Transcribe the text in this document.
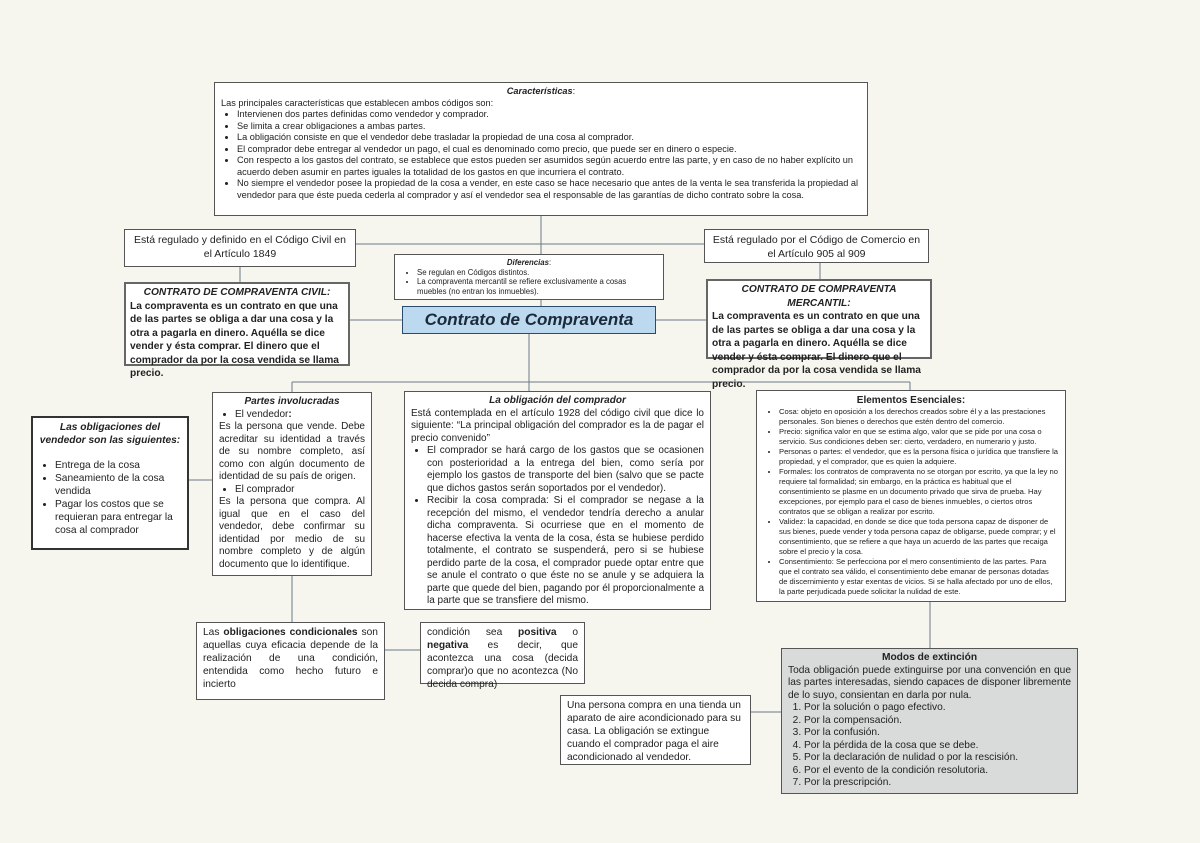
Características:
Las principales características que establecen ambos códigos son:
• Intervienen dos partes definidas como vendedor y comprador.
• Se limita a crear obligaciones a ambas partes.
• La obligación consiste en que el vendedor debe trasladar la propiedad de una cosa al comprador.
• El comprador debe entregar al vendedor un pago, el cual es denominado como precio, que puede ser en dinero o especie.
• Con respecto a los gastos del contrato, se establece que estos pueden ser asumidos según acuerdo entre las parte, y en caso de no haber explícito un acuerdo deben asumir en partes iguales la totalidad de los gastos en que incurriera el contrato.
• No siempre el vendedor posee la propiedad de la cosa a vender, en este caso se hace necesario que antes de la venta le sea transferida la propiedad al vendedor para que éste pueda cederla al comprador y así el vendedor sea el responsable de las garantías de dicho contrato sobre la cosa.
Está regulado y definido en el Código Civil en el Artículo 1849
Está regulado por el Código de Comercio en el Artículo 905 al 909
Diferencias:
• Se regulan en Códigos distintos.
• La compraventa mercantil se refiere exclusivamente a cosas muebles (no entran los inmuebles).
CONTRATO DE COMPRAVENTA CIVIL:
La compraventa es un contrato en que una de las partes se obliga a dar una cosa y la otra a pagarla en dinero. Aquélla se dice vender y ésta comprar. El dinero que el comprador da por la cosa vendida se llama precio.
CONTRATO DE COMPRAVENTA MERCANTIL:
La compraventa es un contrato en que una de las partes se obliga a dar una cosa y la otra a pagarla en dinero. Aquélla se dice vender y ésta comprar. El dinero que el comprador da por la cosa vendida se llama precio.
Contrato de Compraventa
Las obligaciones del vendedor son las siguientes:
• Entrega de la cosa
• Saneamiento de la cosa vendida
• Pagar los costos que se requieran para entregar la cosa al comprador
Partes involucradas
• El vendedor:
Es la persona que vende. Debe acreditar su identidad a través de su nombre completo, así como con algún documento de identidad de su país de origen.
• El comprador
Es la persona que compra. Al igual que en el caso del vendedor, debe confirmar su identidad por medio de su nombre completo y de algún documento que lo identifique.
La obligación del comprador
Está contemplada en el artículo 1928 del código civil que dice lo siguiente: “La principal obligación del comprador es la de pagar el precio convenido”
• El comprador se hará cargo de los gastos que se ocasionen con posterioridad a la entrega del bien, como sería por ejemplo los gastos de transporte del bien (salvo que se pacte que dichos gastos serán soportados por el vendedor).
• Recibir la cosa comprada: Si el comprador se negase a la recepción del mismo, el vendedor tendría derecho a anular dicha compraventa. Si ocurriese que en el momento de hacerse efectiva la venta de la cosa, ésta se hubiese perdido totalmente, el contrato se suspenderá, pero si se hubiese perdido parte de la cosa, el comprador puede optar entre que se anule el contrato o que éste no se anule y se adquiera la parte que quede del bien, pagando por él proporcionalmente a la parte que se transfiere del mismo.
Elementos Esenciales:
• Cosa: objeto en oposición a los derechos creados sobre él y a las prestaciones personales. Son bienes o derechos que estén dentro del comercio.
• Precio: significa valor en que se estima algo, valor que se pide por una cosa o servicio. Sus condiciones deben ser: cierto, verdadero, en numerario y justo.
• Personas o partes: el vendedor, que es la persona física o jurídica que transfiere la propiedad, y el comprador, que es quien la adquiere.
• Formales: los contratos de compraventa no se otorgan por escrito, ya que la ley no requiere tal formalidad; sin embargo, en la práctica es habitual que el consentimiento se plasme en un documento privado que sirva de prueba. Hay excepciones, por ejemplo para el caso de bienes inmuebles, o ciertos otros contratos que se obligan a realizar por escrito.
• Validez: la capacidad, en donde se dice que toda persona capaz de disponer de sus bienes, puede vender y toda persona capaz de obligarse, puede comprar; y el consentimiento, que se refiere a que haya un acuerdo de las partes que recaiga sobre el precio y la cosa.
• Consentimiento: Se perfecciona por el mero consentimiento de las partes. Para que el contrato sea válido, el consentimiento debe emanar de personas dotadas de discernimiento y estar exentas de vicios. Si se halla afectado por uno de ellos, la parte perjudicada puede solicitar la nulidad de este.
Las obligaciones condicionales son aquellas cuya eficacia depende de la realización de una condición, entendida como hecho futuro e incierto
condición sea positiva o negativa es decir, que acontezca una cosa (decida comprar)o que no acontezca (No decida compra)
Una persona compra en una tienda un aparato de aire acondicionado para su casa. La obligación se extingue cuando el comprador paga el aire acondicionado al vendedor.
Modos de extinción
Toda obligación puede extinguirse por una convención en que las partes interesadas, siendo capaces de disponer libremente de lo suyo, consientan en darla por nula.
1. Por la solución o pago efectivo.
2. Por la compensación.
3. Por la confusión.
4. Por la pérdida de la cosa que se debe.
5. Por la declaración de nulidad o por la rescisión.
6. Por el evento de la condición resolutoria.
7. Por la prescripción.
